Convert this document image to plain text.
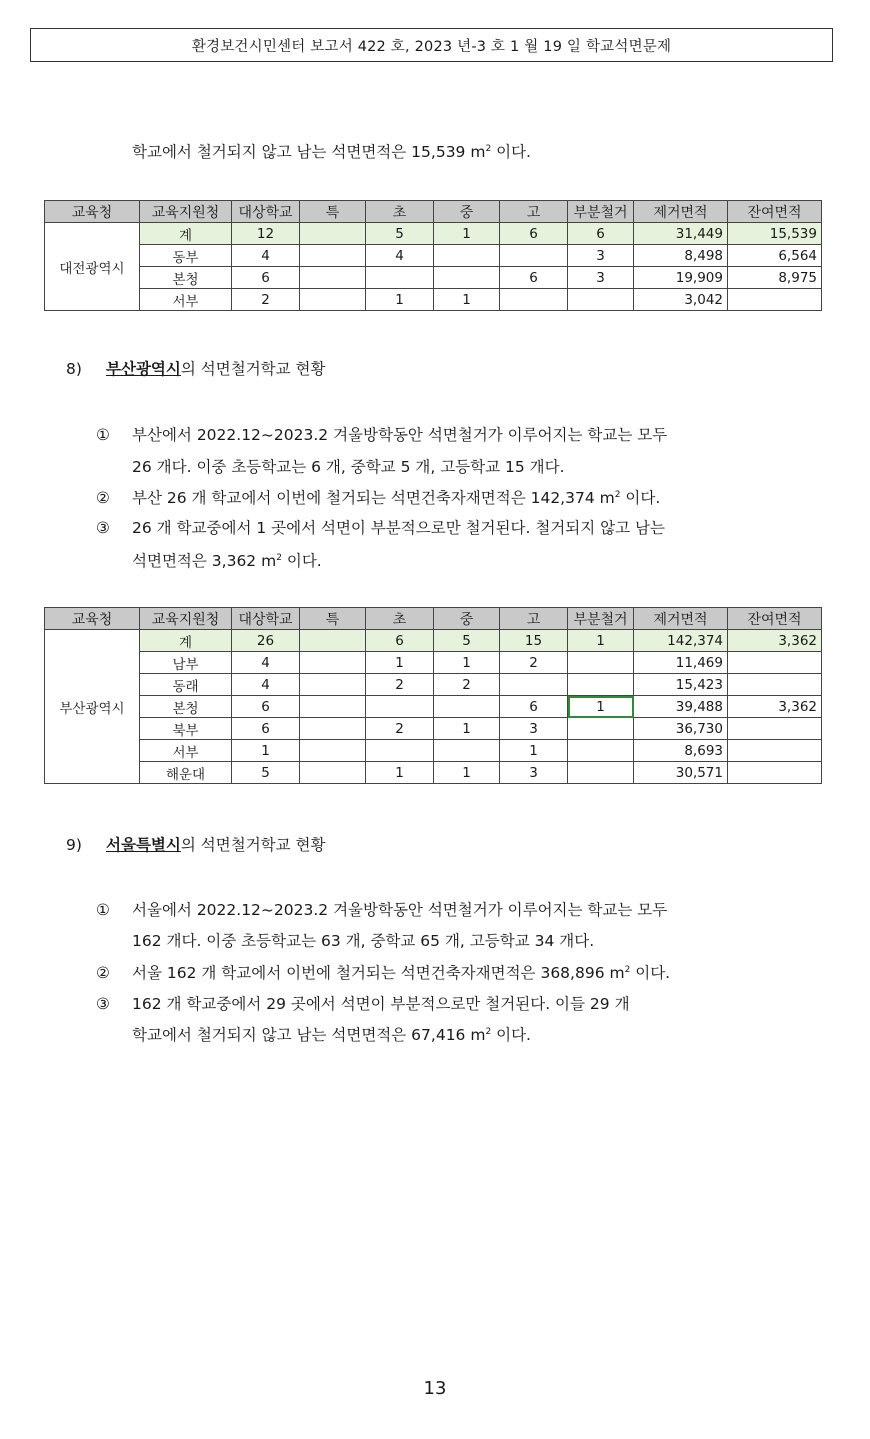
환경보건시민센터 보고서 422 호, 2023 년-3 호 1 월 19 일 학교석면문제
학교에서 철거되지 않고 남는 석면면적은 15,539 $m^2$ 이다.
교육청	교육지원청	대상학교	특	초	중	고	부분철거	제거면적	잔여면적
대전광역시	계	12		5	1	6	6	31,449	15,539
	동부	4		4			3	8,498	6,564
	본청	6				6	3	19,909	8,975
	서부	2		1	1			3,042	
8) 부산광역시의 석면철거학교 현황
① 부산에서 2022.12~2023.2 겨울방학동안 석면철거가 이루어지는 학교는 모두
26 개다. 이중 초등학교는 6 개, 중학교 5 개, 고등학교 15 개다.
② 부산 26 개 학교에서 이번에 철거되는 석면건축자재면적은 142,374 $m^2$ 이다.
③ 26 개 학교중에서 1 곳에서 석면이 부분적으로만 철거된다. 철거되지 않고 남는
석면면적은 3,362 $m^2$ 이다.
교육청	교육지원청	대상학교	특	초	중	고	부분철거	제거면적	잔여면적
부산광역시	계	26		6	5	15	1	142,374	3,362
	남부	4		1	1	2		11,469	
	동래	4		2	2			15,423	
	본청	6				6	1	39,488	3,362
	북부	6		2	1	3		36,730	
	서부	1				1		8,693	
	해운대	5		1	1	3		30,571	
9) 서울특별시의 석면철거학교 현황
① 서울에서 2022.12~2023.2 겨울방학동안 석면철거가 이루어지는 학교는 모두
162 개다. 이중 초등학교는 63 개, 중학교 65 개, 고등학교 34 개다.
② 서울 162 개 학교에서 이번에 철거되는 석면건축자재면적은 368,896 $m^2$ 이다.
③ 162 개 학교중에서 29 곳에서 석면이 부분적으로만 철거된다. 이들 29 개
학교에서 철거되지 않고 남는 석면면적은 67,416 $m^2$ 이다.
13
